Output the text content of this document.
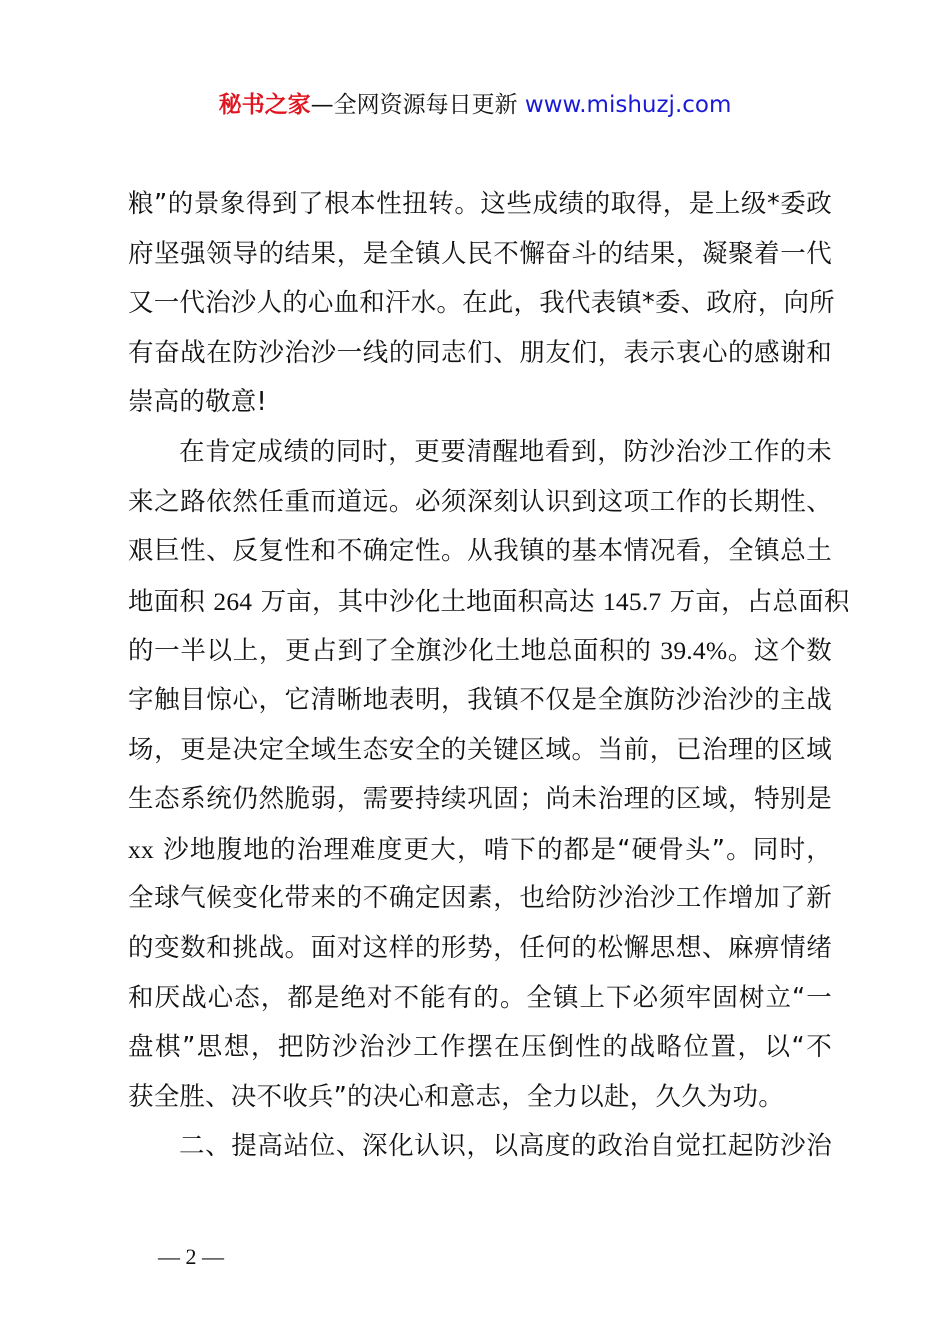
秘书之家—全网资源每日更新 www.mishuzj.com
粮”的景象得到了根本性扭转。这些成绩的取得，是上级*委政
府坚强领导的结果，是全镇人民不懈奋斗的结果，凝聚着一代
又一代治沙人的心血和汗水。在此，我代表镇*委、政府，向所
有奋战在防沙治沙一线的同志们、朋友们，表示衷心的感谢和
崇高的敬意!
在肯定成绩的同时，更要清醒地看到，防沙治沙工作的未
来之路依然任重而道远。必须深刻认识到这项工作的长期性、
艰巨性、反复性和不确定性。从我镇的基本情况看，全镇总土
地面积 264 万亩，其中沙化土地面积高达 145.7 万亩，占总面积
的一半以上，更占到了全旗沙化土地总面积的 39.4%。这个数
字触目惊心，它清晰地表明，我镇不仅是全旗防沙治沙的主战
场，更是决定全域生态安全的关键区域。当前，已治理的区域
生态系统仍然脆弱，需要持续巩固；尚未治理的区域，特别是
xx 沙地腹地的治理难度更大，啃下的都是“硬骨头”。同时，
全球气候变化带来的不确定因素，也给防沙治沙工作增加了新
的变数和挑战。面对这样的形势，任何的松懈思想、麻痹情绪
和厌战心态，都是绝对不能有的。全镇上下必须牢固树立“一
盘棋”思想，把防沙治沙工作摆在压倒性的战略位置，以“不
获全胜、决不收兵”的决心和意志，全力以赴，久久为功。
二、提高站位、深化认识，以高度的政治自觉扛起防沙治
— 2 —
